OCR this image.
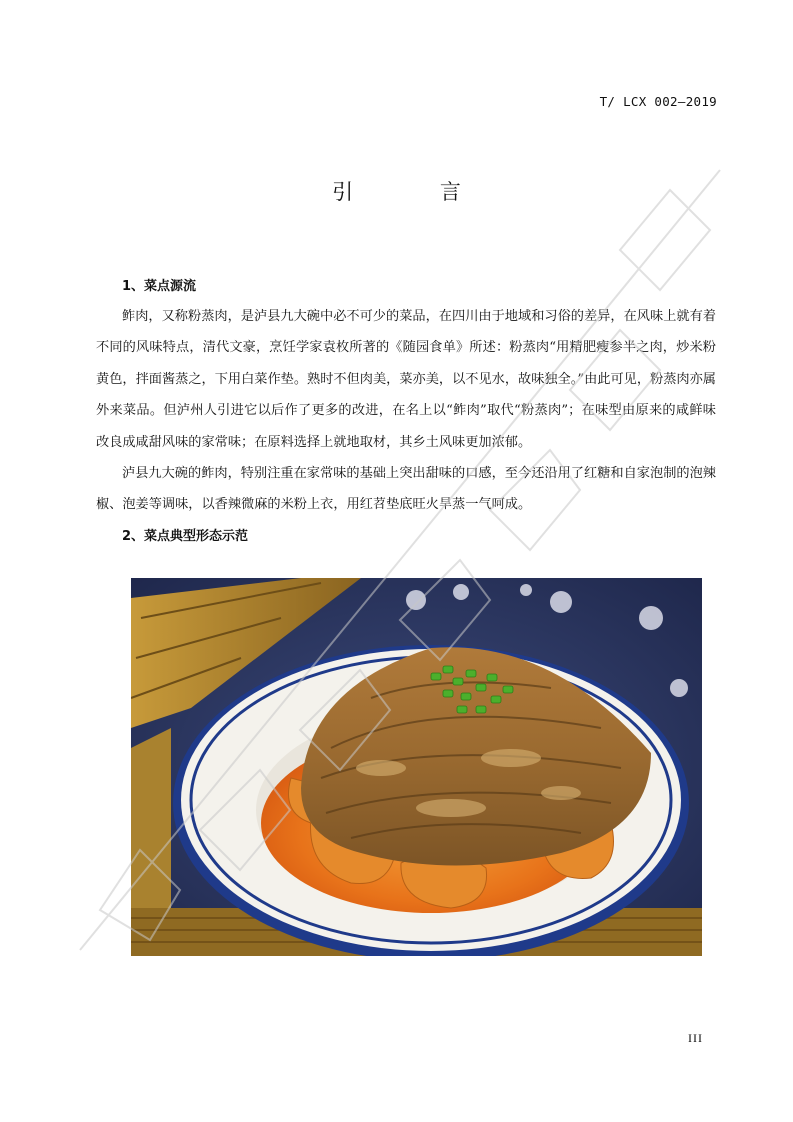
T/ LCX 002—2019
引 言
1、菜点源流

鲊肉，又称粉蒸肉，是泸县九大碗中必不可少的菜品，在四川由于地域和习俗的差异，在风味上就有着不同的风味特点，清代文豪，烹饪学家袁枚所著的《随园食单》所述：粉蒸肉“用精肥瘦参半之肉，炒米粉黄色，拌面酱蒸之，下用白菜作垫。熟时不但肉美，菜亦美，以不见水，故味独全。”由此可见，粉蒸肉亦属外来菜品。但泸州人引进它以后作了更多的改进，在名上以“鲊肉”取代“粉蒸肉”；在味型由原来的咸鲜味改良成咸甜风味的家常味；在原料选择上就地取材，其乡土风味更加浓郁。

泸县九大碗的鲊肉，特别注重在家常味的基础上突出甜味的口感，至今还沿用了红糖和自家泡制的泡辣椒、泡姜等调味，以香辣微麻的米粉上衣，用红苕垫底旺火旱蒸一气呵成。

2、菜点典型形态示范
III
